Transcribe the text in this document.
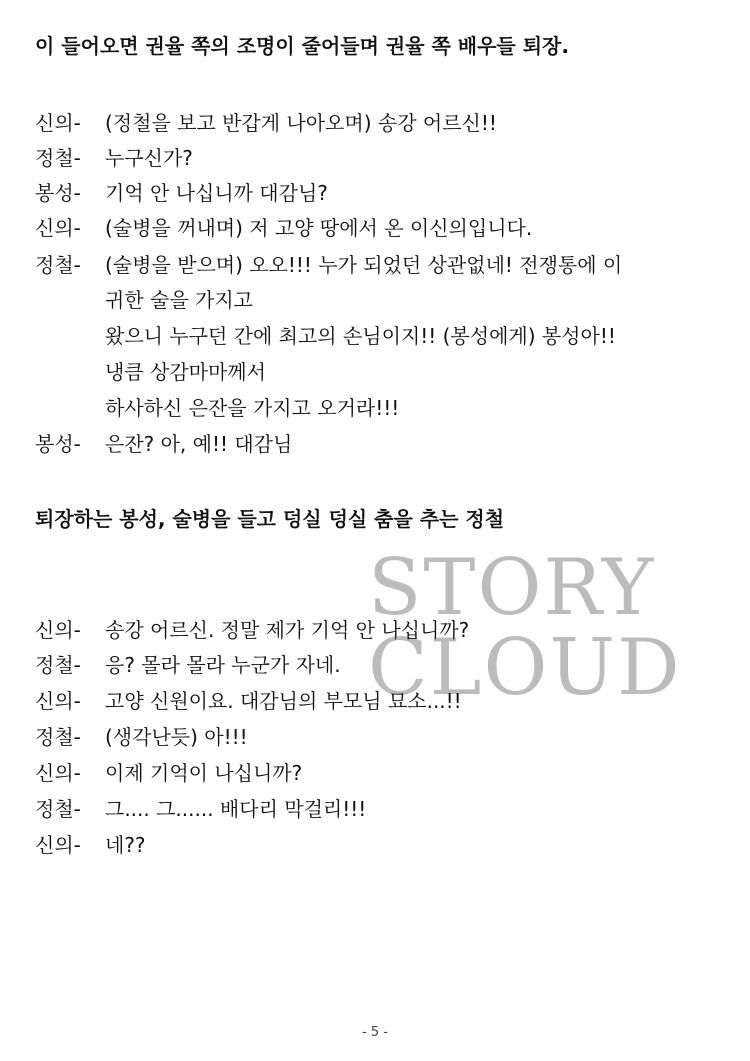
이 들어오면 권율 쪽의 조명이 줄어들며 권율 쪽 배우들 퇴장.
신의- (정철을 보고 반갑게 나아오며) 송강 어르신!!
정철- 누구신가?
봉성- 기억 안 나십니까 대감님?
신의- (술병을 꺼내며) 저 고양 땅에서 온 이신의입니다.
정철- (술병을 받으며) 오오!!! 누가 되었던 상관없네! 전쟁통에 이
귀한 술을 가지고
왔으니 누구던 간에 최고의 손님이지!! (봉성에게) 봉성아!!
냉큼 상감마마께서
하사하신 은잔을 가지고 오거라!!!
봉성- 은잔? 아, 예!! 대감님
퇴장하는 봉성, 술병을 들고 덩실 덩실 춤을 추는 정철
STORY
CLOUD
신의- 송강 어르신. 정말 제가 기억 안 나십니까?
정철- 응? 몰라 몰라 누군가 자네.
신의- 고양 신원이요. 대감님의 부모님 묘소...!!
정철- (생각난듯) 아!!!
신의- 이제 기억이 나십니까?
정철- 그.... 그...... 배다리 막걸리!!!
신의- 네??
- 5 -
